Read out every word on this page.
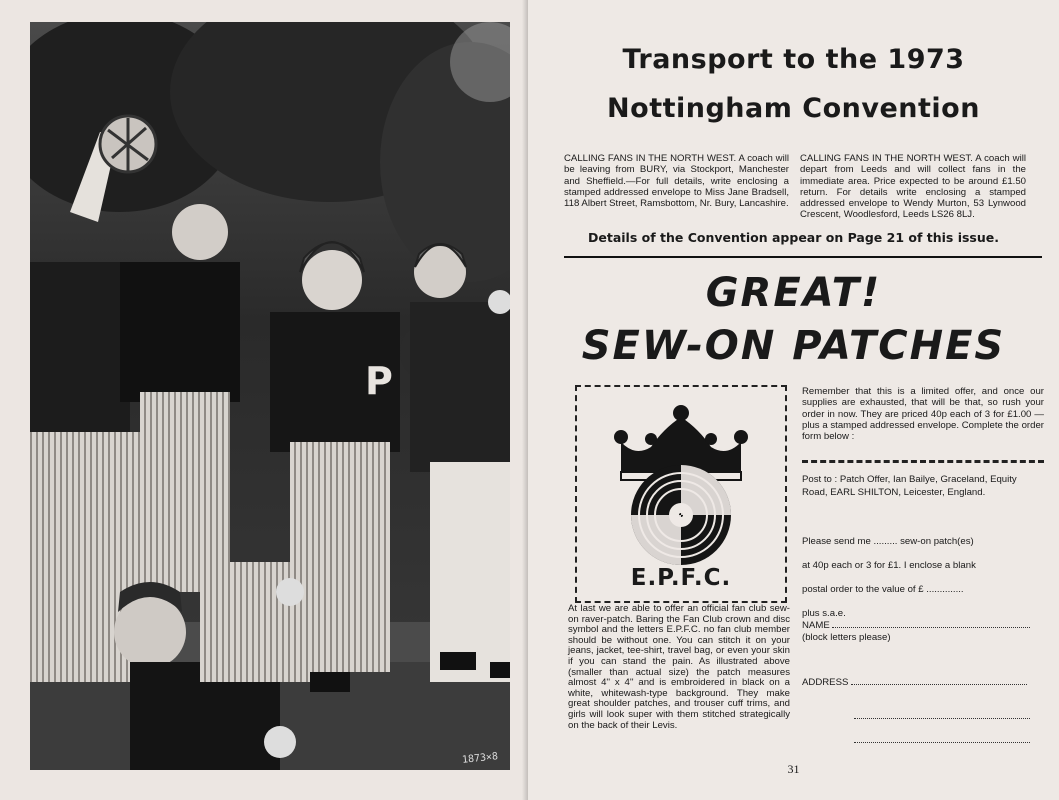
P
1873×8
Transport to the 1973
Nottingham Convention
CALLING FANS IN THE NORTH WEST. A coach will be leaving from BURY, via Stockport, Manchester and Sheffield.—For full details, write enclosing a stamped addressed envelope to Miss Jane Bradsell, 118 Albert Street, Ramsbottom, Nr. Bury, Lancashire.
CALLING FANS IN THE NORTH WEST. A coach will depart from Leeds and will collect fans in the immediate area. Price expected to be around £1.50 return. For details write enclosing a stamped addressed envelope to Wendy Murton, 53 Lynwood Crescent, Woodlesford, Leeds LS26 8LJ.
Details of the Convention appear on Page 21 of this issue.
GREAT!
SEW-ON PATCHES
E.P.F.C.
At last we are able to offer an official fan club sew-on raver-patch. Baring the Fan Club crown and disc symbol and the letters E.P.F.C. no fan club member should be without one. You can stitch it on your jeans, jacket, tee-shirt, travel bag, or even your skin if you can stand the pain. As illustrated above (smaller than actual size) the patch measures almost 4'' x 4'' and is embroidered in black on a white, whitewash-type background. They make great shoulder patches, and trouser cuff trims, and girls will look super with them stitched strategically on the back of their Levis.
Remember that this is a limited offer, and once our supplies are exhausted, that will be that, so rush your order in now. They are priced 40p each of 3 for £1.00 — plus a stamped addressed envelope. Complete the order form below :
Post to : Patch Offer, Ian Bailye, Graceland, Equity Road, EARL SHILTON, Leicester, England.
Please send me ......... sew-on patch(es)
at 40p each or 3 for £1. I enclose a blank
postal order to the value of £ ..............
plus s.a.e.
NAME
(block letters please)
ADDRESS
31
